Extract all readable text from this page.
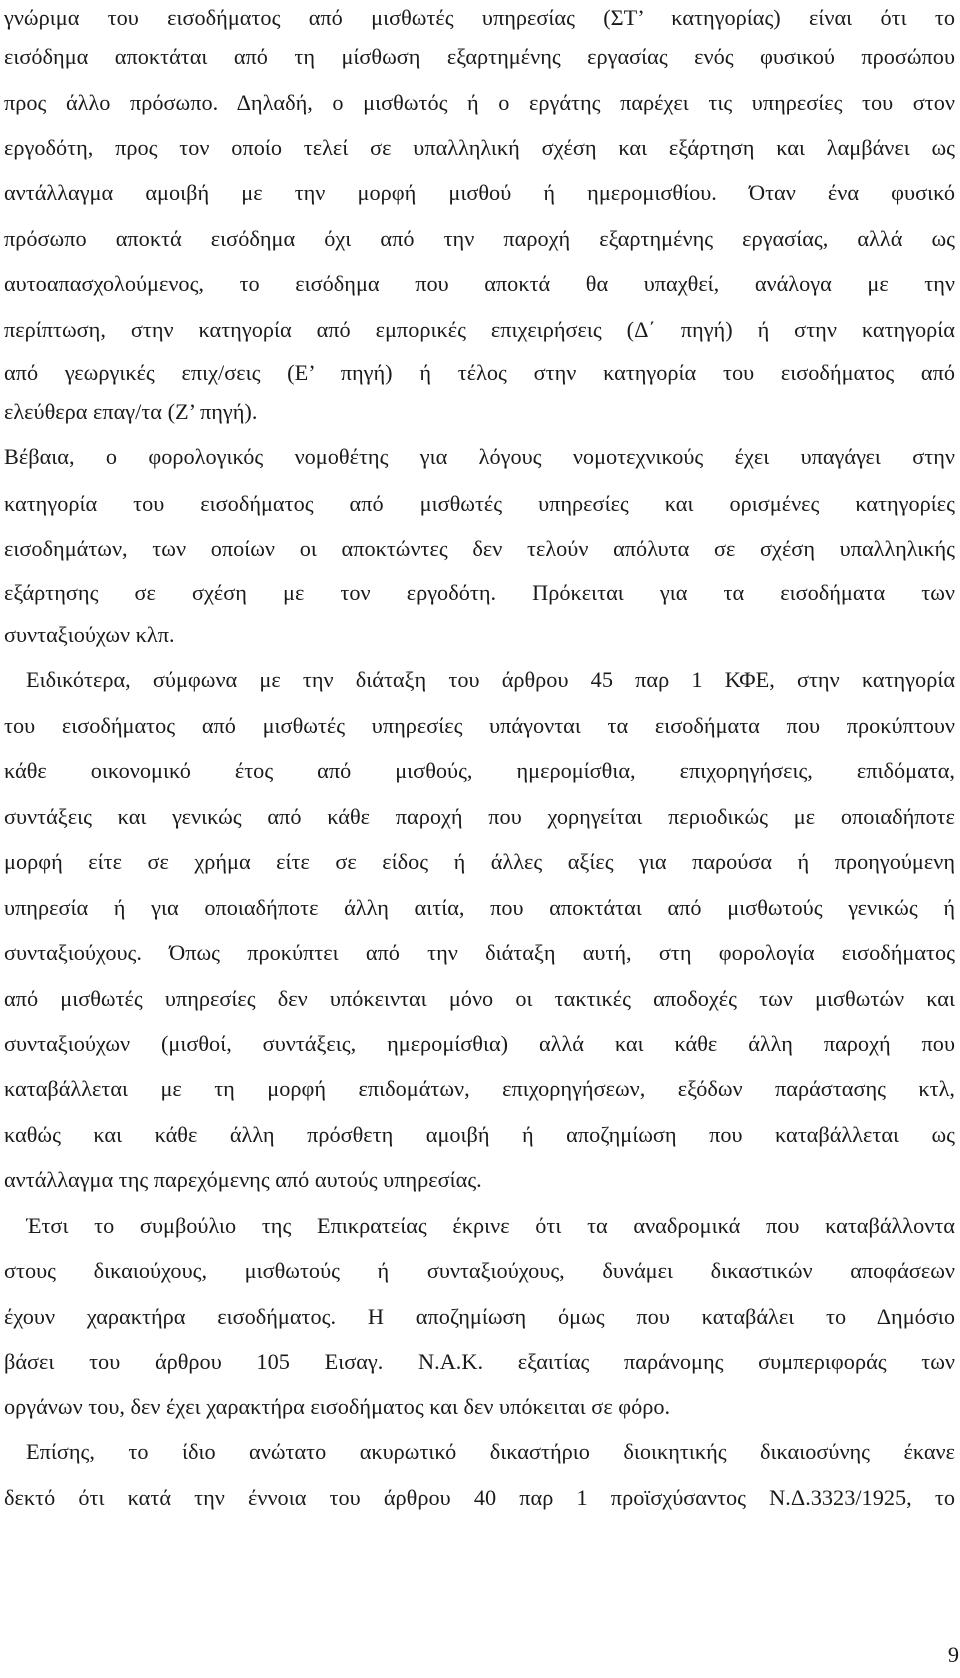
γνώριμα του εισοδήματος από μισθωτές υπηρεσίας (ΣΤ’ κατηγορίας) είναι ότι το
εισόδημα αποκτάται από τη μίσθωση εξαρτημένης εργασίας ενός φυσικού προσώπου
προς άλλο πρόσωπο. Δηλαδή, ο μισθωτός ή ο εργάτης παρέχει τις υπηρεσίες του στον
εργοδότη, προς τον οποίο τελεί σε υπαλληλική σχέση και εξάρτηση και λαμβάνει ως
αντάλλαγμα αμοιβή με την μορφή μισθού ή ημερομισθίου. Όταν ένα φυσικό
πρόσωπο αποκτά εισόδημα όχι από την παροχή εξαρτημένης εργασίας, αλλά ως
αυτοαπασχολούμενος, το εισόδημα που αποκτά θα υπαχθεί, ανάλογα με την
περίπτωση, στην κατηγορία από εμπορικές επιχειρήσεις (Δ΄ πηγή) ή στην κατηγορία
από γεωργικές επιχ/σεις (Ε’ πηγή) ή τέλος στην κατηγορία του εισοδήματος από
ελεύθερα επαγ/τα (Ζ’ πηγή).
Βέβαια, ο φορολογικός νομοθέτης για λόγους νομοτεχνικούς έχει υπαγάγει στην
κατηγορία του εισοδήματος από μισθωτές υπηρεσίες και ορισμένες κατηγορίες
εισοδημάτων, των οποίων οι αποκτώντες δεν τελούν απόλυτα σε σχέση υπαλληλικής
εξάρτησης σε σχέση με τον εργοδότη. Πρόκειται για τα εισοδήματα των
συνταξιούχων κλπ.
Ειδικότερα, σύμφωνα με την διάταξη του άρθρου 45 παρ 1 ΚΦΕ, στην κατηγορία
του εισοδήματος από μισθωτές υπηρεσίες υπάγονται τα εισοδήματα που προκύπτουν
κάθε οικονομικό έτος από μισθούς, ημερομίσθια, επιχορηγήσεις, επιδόματα,
συντάξεις και γενικώς από κάθε παροχή που χορηγείται περιοδικώς με οποιαδήποτε
μορφή είτε σε χρήμα είτε σε είδος ή άλλες αξίες για παρούσα ή προηγούμενη
υπηρεσία ή για οποιαδήποτε άλλη αιτία, που αποκτάται από μισθωτούς γενικώς ή
συνταξιούχους. Όπως προκύπτει από την διάταξη αυτή, στη φορολογία εισοδήματος
από μισθωτές υπηρεσίες δεν υπόκεινται μόνο οι τακτικές αποδοχές των μισθωτών και
συνταξιούχων (μισθοί, συντάξεις, ημερομίσθια) αλλά και κάθε άλλη παροχή που
καταβάλλεται με τη μορφή επιδομάτων, επιχορηγήσεων, εξόδων παράστασης κτλ,
καθώς και κάθε άλλη πρόσθετη αμοιβή ή αποζημίωση που καταβάλλεται ως
αντάλλαγμα της παρεχόμενης από αυτούς υπηρεσίας.
Έτσι το συμβούλιο της Επικρατείας έκρινε ότι τα αναδρομικά που καταβάλλοντα
στους δικαιούχους, μισθωτούς ή συνταξιούχους, δυνάμει δικαστικών αποφάσεων
έχουν χαρακτήρα εισοδήματος. Η αποζημίωση όμως που καταβάλει το Δημόσιο
βάσει του άρθρου 105 Εισαγ. Ν.Α.Κ. εξαιτίας παράνομης συμπεριφοράς των
οργάνων του, δεν έχει χαρακτήρα εισοδήματος και δεν υπόκειται σε φόρο.
Επίσης, το ίδιο ανώτατο ακυρωτικό δικαστήριο διοικητικής δικαιοσύνης έκανε
δεκτό ότι κατά την έννοια του άρθρου 40 παρ 1 προϊσχύσαντος Ν.Δ.3323/1925, το
9
